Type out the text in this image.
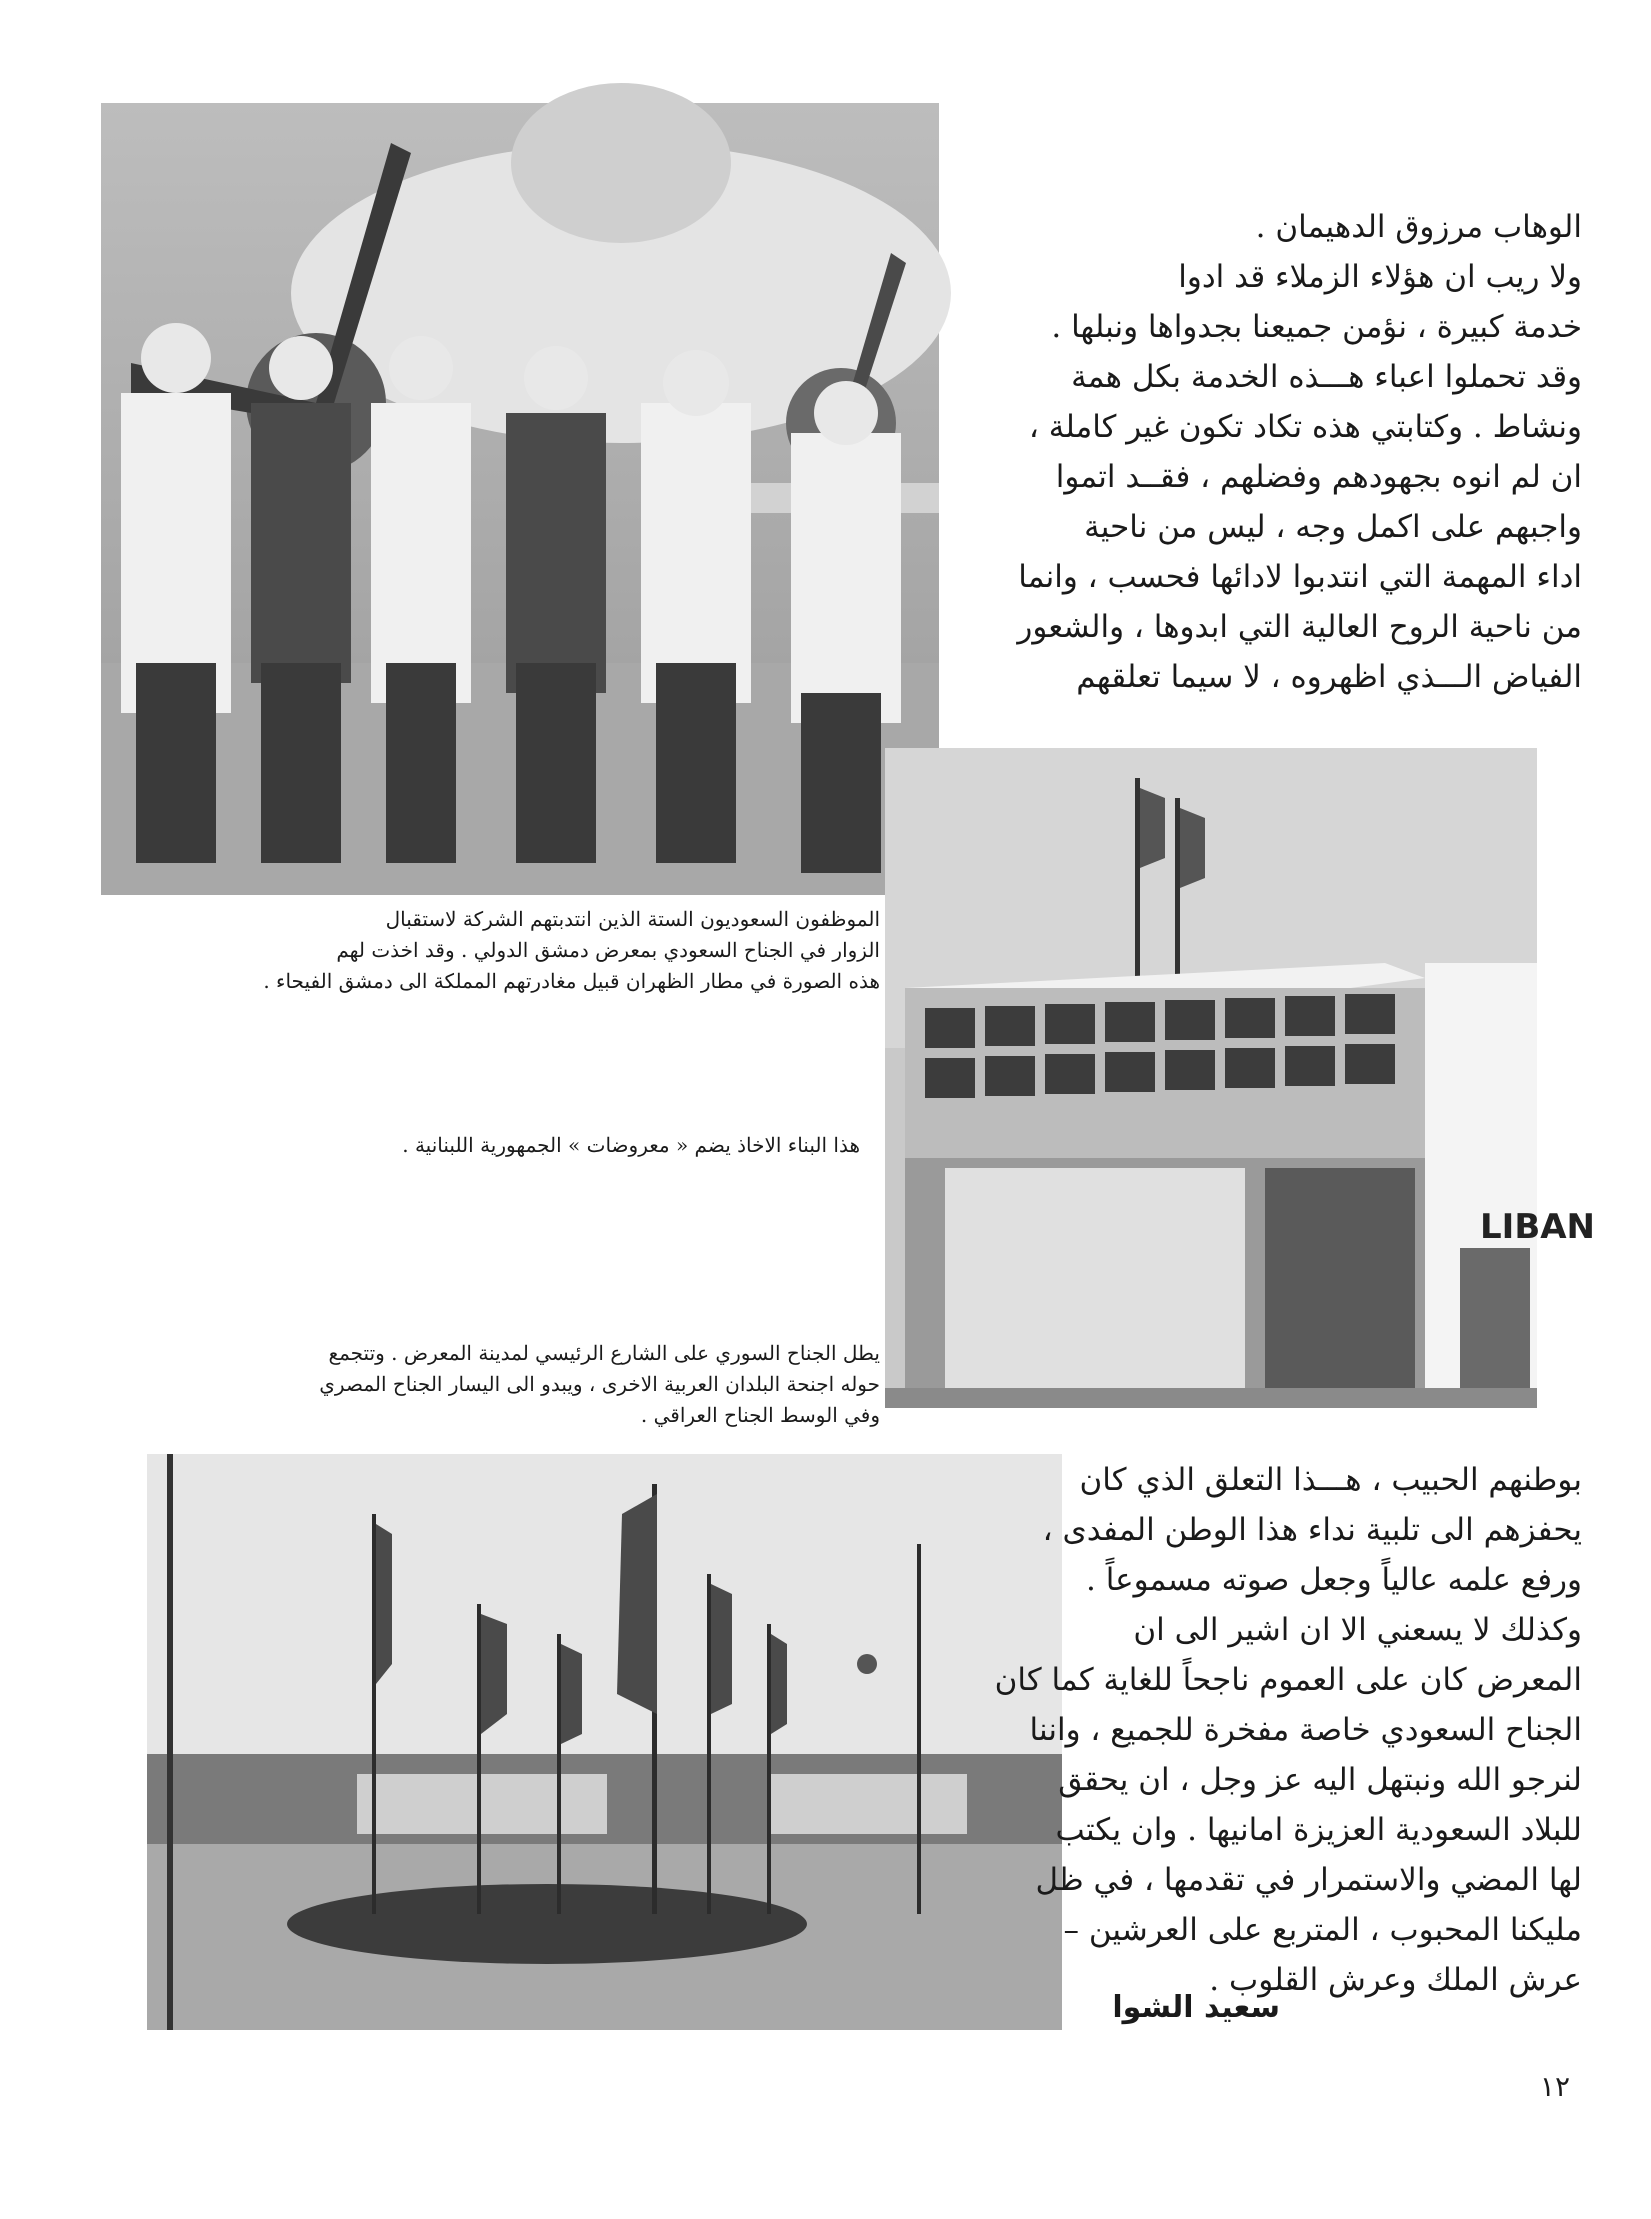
الوهاب مرزوق الدهيمان .
ولا ريب ان هؤلاء الزملاء قد ادوا
خدمة كبيرة ، نؤمن جميعنا بجدواها ونبلها .
وقد تحملوا اعباء هـــذه الخدمة بكل همة
ونشاط . وكتابتي هذه تكاد تكون غير كاملة ،
ان لم انوه بجهودهم وفضلهم ، فقــد اتموا
واجبهم على اكمل وجه ، ليس من ناحية
اداء المهمة التي انتدبوا لادائها فحسب ، وانما
من ناحية الروح العالية التي ابدوها ، والشعور
الفياض الـــذي اظهروه ، لا سيما تعلقهم
الموظفون السعوديون الستة الذين انتدبتهم الشركة لاستقبال
الزوار في الجناح السعودي بمعرض دمشق الدولي . وقد اخذت لهم
هذه الصورة في مطار الظهران قبيل مغادرتهم المملكة الى دمشق الفيحاء .
LIBAN
هذا البناء الاخاذ يضم « معروضات » الجمهورية اللبنانية .
يطل الجناح السوري على الشارع الرئيسي لمدينة المعرض . وتتجمع
حوله اجنحة البلدان العربية الاخرى ، ويبدو الى اليسار الجناح المصري
وفي الوسط الجناح العراقي .
بوطنهم الحبيب ، هـــذا التعلق الذي كان
يحفزهم الى تلبية نداء هذا الوطن المفدى ،
ورفع علمه عالياً وجعل صوته مسموعاً .
وكذلك لا يسعني الا ان اشير الى ان
المعرض كان على العموم ناجحاً للغاية كما كان
الجناح السعودي خاصة مفخرة للجميع ، واننا
لنرجو الله ونبتهل اليه عز وجل ، ان يحقق
للبلاد السعودية العزيزة امانيها . وان يكتب
لها المضي والاستمرار في تقدمها ، في ظل
مليكنا المحبوب ، المتربع على العرشين –
عرش الملك وعرش القلوب .
سعيد الشوا
١٢
